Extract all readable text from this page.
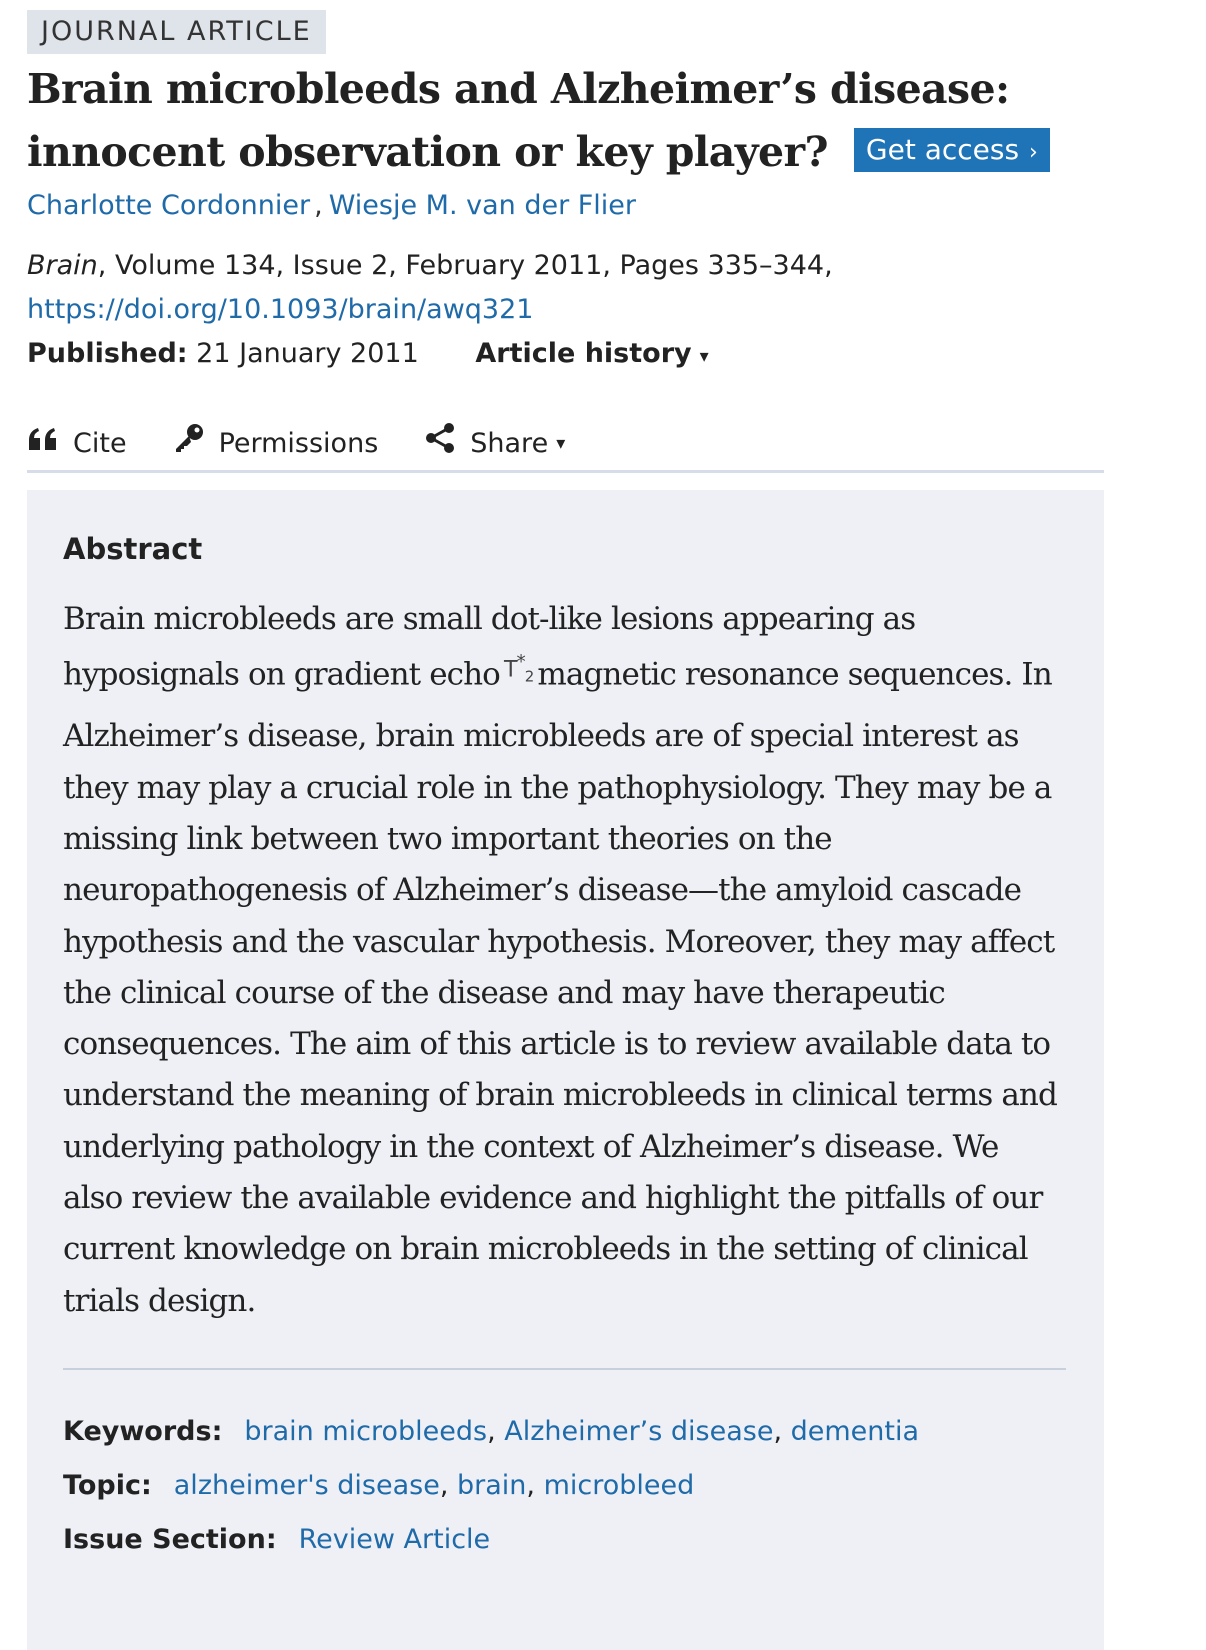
JOURNAL ARTICLE
Brain microbleeds and Alzheimer’s disease: innocent observation or key player? Get access ›
Charlotte Cordonnier , Wiesje M. van der Flier
Brain, Volume 134, Issue 2, February 2011, Pages 335–344,
https://doi.org/10.1093/brain/awq321
Published: 21 January 2011 Article history ▾
Cite	Permissions	Share ▾
Abstract

Brain microbleeds are small dot-like lesions appearing as hyposignals on gradient echo $T^*_2$ magnetic resonance sequences. In Alzheimer’s disease, brain microbleeds are of special interest as they may play a crucial role in the pathophysiology. They may be a missing link between two important theories on the neuropathogenesis of Alzheimer’s disease—the amyloid cascade hypothesis and the vascular hypothesis. Moreover, they may affect the clinical course of the disease and may have therapeutic consequences. The aim of this article is to review available data to understand the meaning of brain microbleeds in clinical terms and underlying pathology in the context of Alzheimer’s disease. We also review the available evidence and highlight the pitfalls of our current knowledge on brain microbleeds in the setting of clinical trials design.

Keywords: brain microbleeds, Alzheimer’s disease, dementia
Topic: alzheimer's disease, brain, microbleed
Issue Section: Review Article
